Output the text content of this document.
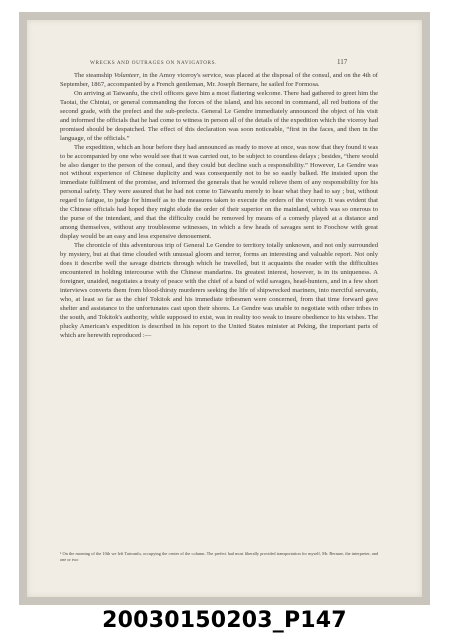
WRECKS AND OUTRAGES ON NAVIGATORS.	117

The steamship Volunteer, in the Amoy viceroy's service, was placed at the disposal of the consul, and on the 4th of September, 1867, accompanied by a French gentleman, Mr. Joseph Bernare, he sailed for Formosa.

On arriving at Taiwanfu, the civil officers gave him a most flattering welcome. There had gathered to greet him the Taotai, the Chintai, or general commanding the forces of the island, and his second in command, all red buttons of the second grade, with the prefect and the sub-prefects. General Le Gendre immediately announced the object of his visit and informed the officials that he had come to witness in person all of the details of the expedition which the viceroy had promised should be despatched. The effect of this declaration was soon noticeable, “first in the faces, and then in the language, of the officials.”

The expedition, which an hour before they had announced as ready to move at once, was now that they found it was to be accompanied by one who would see that it was carried out, to be subject to countless delays ; besides, “there would be also danger to the person of the consul, and they could but decline such a responsibility.” However, Le Gendre was not without experience of Chinese duplicity and was consequently not to be so easily balked. He insisted upon the immediate fulfilment of the promise, and informed the generals that he would relieve them of any responsibility for his personal safety. They were assured that he had not come to Taiwanfu merely to hear what they had to say ; but, without regard to fatigue, to judge for himself as to the measures taken to execute the orders of the viceroy. It was evident that the Chinese officials had hoped they might elude the order of their superior on the mainland, which was so onerous to the purse of the intendant, and that the difficulty could be removed by means of a comedy played at a distance and among themselves, without any troublesome witnesses, in which a few heads of savages sent to Foochow with great display would be an easy and less expensive denouement.

The chronicle of this adventurous trip of General Le Gendre to territory totally unknown, and not only surrounded by mystery, but at that time clouded with unusual gloom and terror, forms an interesting and valuable report. Not only does it describe well the savage districts through which he travelled, but it acquaints the reader with the difficulties encountered in holding intercourse with the Chinese mandarins. Its greatest interest, however, is in its uniqueness. A foreigner, unaided, negotiates a treaty of peace with the chief of a band of wild savages, head-hunters, and in a few short interviews converts them from blood-thirsty murderers seeking the life of shipwrecked mariners, into merciful servants, who, at least so far as the chief Tokitok and his immediate tribesmen were concerned, from that time forward gave shelter and assistance to the unfortunates cast upon their shores. Le Gendre was unable to negotiate with other tribes in the south, and Tokitok's authority, while supposed to exist, was in reality too weak to insure obedience to his wishes. The plucky American's expedition is described in his report to the United States minister at Peking, the important parts of which are herewith reproduced :—

¹ On the morning of the 10th we left Taiwanfu, occupying the center of the column. The prefect had most liberally provided transportation for myself, Mr. Bernare, the interpreter, and one or two
20030150203_P147
